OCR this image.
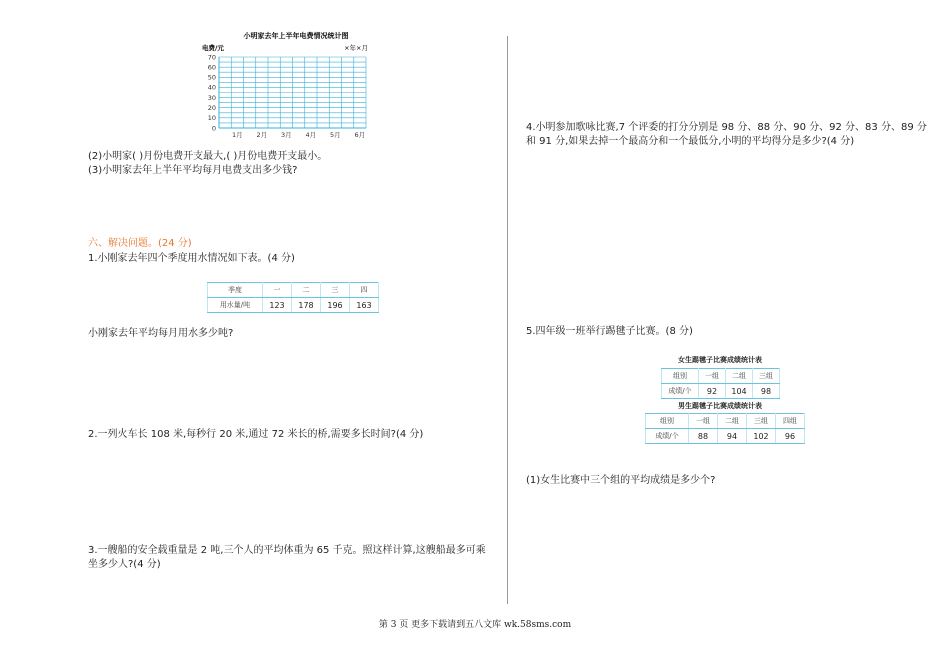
小明家去年上半年电费情况统计图
电费/元	×年×月
70
60
50
40
30
20
10
0
1月 2月 3月 4月 5月 6月
(2)小明家( )月份电费开支最大,( )月份电费开支最小。
(3)小明家去年上半年平均每月电费支出多少钱?
六、解决问题。(24 分)
1.小刚家去年四个季度用水情况如下表。(4 分)
季度	一	二	三	四
用水量/吨	123	178	196	163
小刚家去年平均每月用水多少吨?
2.一列火车长 108 米,每秒行 20 米,通过 72 米长的桥,需要多长时间?(4 分)
3.一艘船的安全载重量是 2 吨,三个人的平均体重为 65 千克。照这样计算,这艘船最多可乘坐多少人?(4 分)
4.小明参加歌咏比赛,7 个评委的打分分别是 98 分、88 分、90 分、92 分、83 分、89 分和 91 分,如果去掉一个最高分和一个最低分,小明的平均得分是多少?(4 分)
5.四年级一班举行踢毽子比赛。(8 分)
女生踢毽子比赛成绩统计表
组别	一组	二组	三组
成绩/个	92	104	98
男生踢毽子比赛成绩统计表
组别	一组	二组	三组	四组
成绩/个	88	94	102	96
(1)女生比赛中三个组的平均成绩是多少个?
第 3 页 更多下载请到五八文库 wk.58sms.com
